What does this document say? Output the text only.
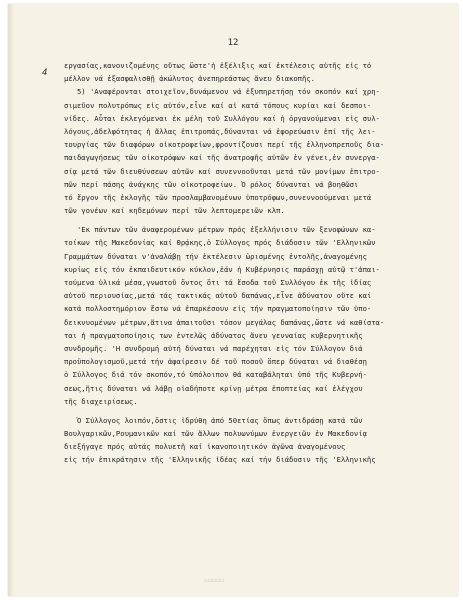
12
4
εργασίας,κανονιζομένης οὕτως ὥστε'ἡ ἐξέλιξις καί ἐκτέλεσις αὐτῆς εἰς τό
μέλλον νά ἐξασφαλισθῇ ἀκώλυτος ἀνεπηρεάστως ἄνευ διακοπῆς.
5) 'Αναφέρονται στοιχεῖον,δυνάμενον νά ἐξυπηρετήσῃ τόν σκοπόν καί χρη-
σιμεῦον πολυτρόπως εἰς αὐτόν,εἶνε καί αἱ κατά τόπους κυρίαι καί δεσποι-
νίδες. Αὗται ἐκλεγόμεναι ἐκ μέλη τοῦ Συλλόγου καί ἡ ὀργανούμεναι εἰς συλ-
λόγους,ἀδελφότητας ἡ ἄλλας ἐπιτροπάς,δύνανται νά ἐφορεύωσιν ἐπί τῆς λει-
τουργίας τῶν διαφόρων οἰκοτροφείων,φροντίζουσι περί τῆς ἑλληνοπρεποῦς δια-
παιδαγωγήσεως τῶν οἰκοτρόφων καί τῆς ἀνατροφῆς αὐτῶν ἐν γένει,ἐν συνεργα-
σίᾳ μετά τῶν διευθύνσεων αὐτῶν καί συνεννοοῦνται μετά τῶν μονίμων ἐπιτρο-
πῶν περί πάσης ἀνάγκης τῶν οἰκοτροφείων. Ὁ ρόλος δύνανται νά βοηθῶσι
τό ἔργον τῆς ἐκλογῆς τῶν προσλαμβανομένων ὑποτρόφων,συνεννοούμεναι μετά
τῶν γονέων καί κηδεμόνων περί τῶν λεπτομερειῶν κλπ.
'Εκ πάντων τῶν ἀναφερομένων μέτρων πρός ἐξελλήνισιν τῶν ξενοφώνων κα-
τοίκων τῆς Μακεδονίας καί Θρᾴκης,ὁ Σύλλογος πρός διάδοσιν τῶν 'Ελληνικῶν
Γραμμάτων δύναται ν'ἀναλάβῃ τήν ἐκτέλεσιν ὡρισμένης ἐντολῆς,ἀναγομένης
κυρίως εἰς τόν ἐκπαιδευτικόν κύκλον,ἐάν ἡ Κυβέρνησις παράσχῃ αὐτῷ τ'ἀπαι-
τούμενα ὑλικά μέσα,γνωστοῦ ὄντος ὅτι τά ἔσοδα τοῦ Συλλόγου ἐκ τῆς ἰδίας
αὐτοῦ περιουσίας,μετά τάς τακτικάς αὐτοῦ δαπάνας,εἶνε ἀδύνατον οὔτε καί
κατά πολλοστημόριον ἔστω νά ἐπαρκέσουν εἰς τήν πραγματοποίησιν τῶν ὑπο-
δεικνυομένων μέτρων,ἅτινα ἀπαιτοῦσι τόσον μεγάλας δαπάνας,ὥστε νά καθίστα-
ται ἡ πραγματοποίησις των ἐντελῶς ἀδύνατος ἄνευ γενναίας κυβερνητικῆς
συνδρομῆς. 'Η συνδρομή αὐτή δύναται νά παρέχηται εἰς τόν Σύλλογον διά
προϋπολογισμοῦ,μετά τήν ἀφαίρεσιν δέ τοῦ ποσοῦ ὅπερ δύναται νά διαθέσῃ
ὁ Σύλλογος διά τόν σκοπόν,τό ὑπόλοιπον θά καταβάληται ὑπό τῆς Κυβερνή-
σεως,ἥτις δύναται νά λάβῃ οἱαδήποτε κρίνῃ μέτρα ἐποπτείας καί ἐλέγχου
τῆς διαχειρίσεως.
Ὁ Σύλλογος λοιπόν,ὅστις ἱδρύθη ἀπό 50ετίας ὅπως ἀντιδράσῃ κατά τῶν
Βουλγαρικῶν,Ρουμανικῶν καί τῶν ἄλλων πολυωνύμων ἐνεργειῶν ἐν Μακεδονίᾳ
διεξήγαγε πρός αὐτάς πολυετῆ καί ἱκανοποιητικόν ἀγῶνα ἀναγομένους
εἰς τήν ἐπικράτησιν τῆς 'Ελληνικῆς ἰδέας καί τήν διάδοσιν τῆς 'Ελληνικῆς
▭▭▭▭▭
